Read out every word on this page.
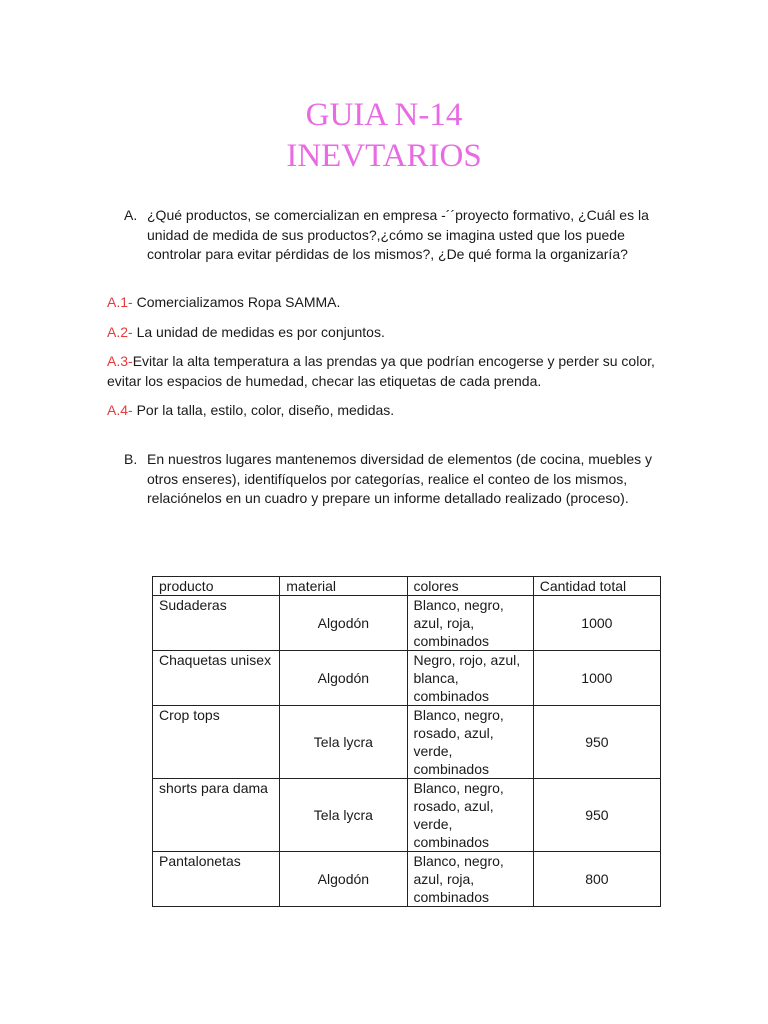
GUIA N-14
INEVTARIOS
A. ¿Qué productos, se comercializan en empresa -´´proyecto formativo, ¿Cuál es la unidad de medida de sus productos?,¿cómo se imagina usted que los puede controlar para evitar pérdidas de los mismos?, ¿De qué forma la organizaría?
A.1- Comercializamos Ropa SAMMA.
A.2- La unidad de medidas es por conjuntos.
A.3-Evitar la alta temperatura a las prendas ya que podrían encogerse y perder su color, evitar los espacios de humedad, checar las etiquetas de cada prenda.
A.4- Por la talla, estilo, color, diseño, medidas.
B. En nuestros lugares mantenemos diversidad de elementos (de cocina, muebles y otros enseres), identifíquelos por categorías, realice el conteo de los mismos, relaciónelos en un cuadro y prepare un informe detallado realizado (proceso).
producto	material	colores	Cantidad total
Sudaderas	Algodón	Blanco, negro, azul, roja, combinados	1000
Chaquetas unisex	Algodón	Negro, rojo, azul, blanca, combinados	1000
Crop tops	Tela lycra	Blanco, negro, rosado, azul, verde, combinados	950
shorts para dama	Tela lycra	Blanco, negro, rosado, azul, verde, combinados	950
Pantalonetas	Algodón	Blanco, negro, azul, roja, combinados	800
